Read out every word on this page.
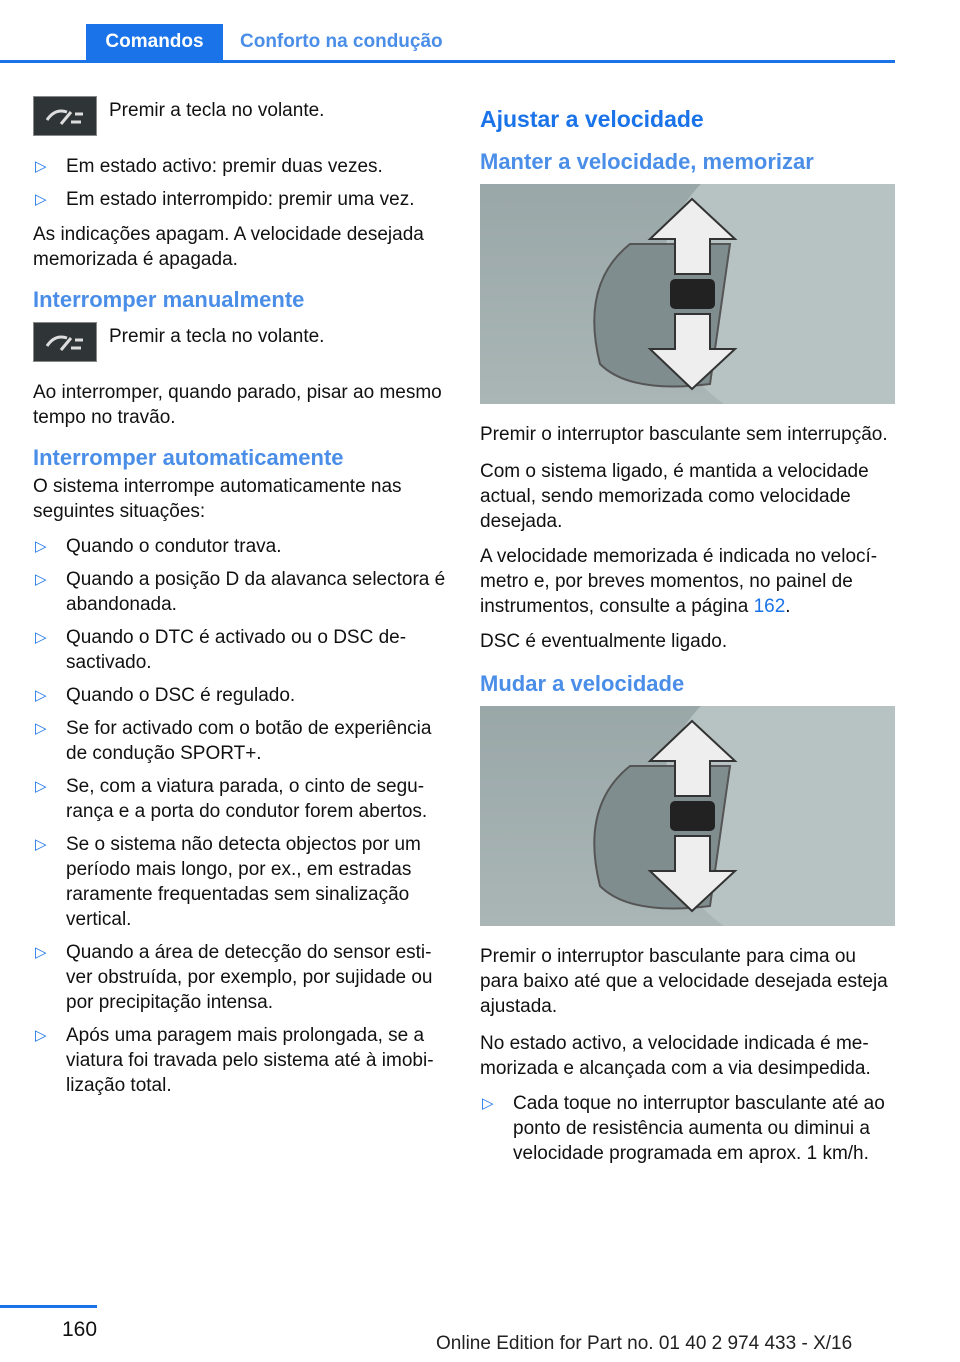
Comandos	Conforto na condução
Premir a tecla no volante.
▷ Em estado activo: premir duas vezes.
▷ Em estado interrompido: premir uma vez.

As indicações apagam. A velocidade desejada memorizada é apagada.

Interromper manualmente
Premir a tecla no volante.

Ao interromper, quando parado, pisar ao mesmo tempo no travão.

Interromper automaticamente

O sistema interrompe automaticamente nas seguintes situações:

▷ Quando o condutor trava.
▷ Quando a posição D da alavanca selectora é abandonada.
▷ Quando o DTC é activado ou o DSC desactivado.
▷ Quando o DSC é regulado.
▷ Se for activado com o botão de experiência de condução SPORT+.
▷ Se, com a viatura parada, o cinto de segurança e a porta do condutor forem abertos.
▷ Se o sistema não detecta objectos por um período mais longo, por ex., em estradas raramente frequentadas sem sinalização vertical.
▷ Quando a área de detecção do sensor estiver obstruída, por exemplo, por sujidade ou por precipitação intensa.
▷ Após uma paragem mais prolongada, se a viatura foi travada pelo sistema até à imobilização total.
Ajustar a velocidade
Manter a velocidade, memorizar

Premir o interruptor basculante sem interrupção.

Com o sistema ligado, é mantida a velocidade actual, sendo memorizada como velocidade desejada.

A velocidade memorizada é indicada no velocímetro e, por breves momentos, no painel de instrumentos, consulte a página 162.

DSC é eventualmente ligado.

Mudar a velocidade

Premir o interruptor basculante para cima ou para baixo até que a velocidade desejada esteja ajustada.

No estado activo, a velocidade indicada é memorizada e alcançada com a via desimpedida.

▷ Cada toque no interruptor basculante até ao ponto de resistência aumenta ou diminui a velocidade programada em aprox. 1 km/h.
160
Online Edition for Part no. 01 40 2 974 433 - X/16
